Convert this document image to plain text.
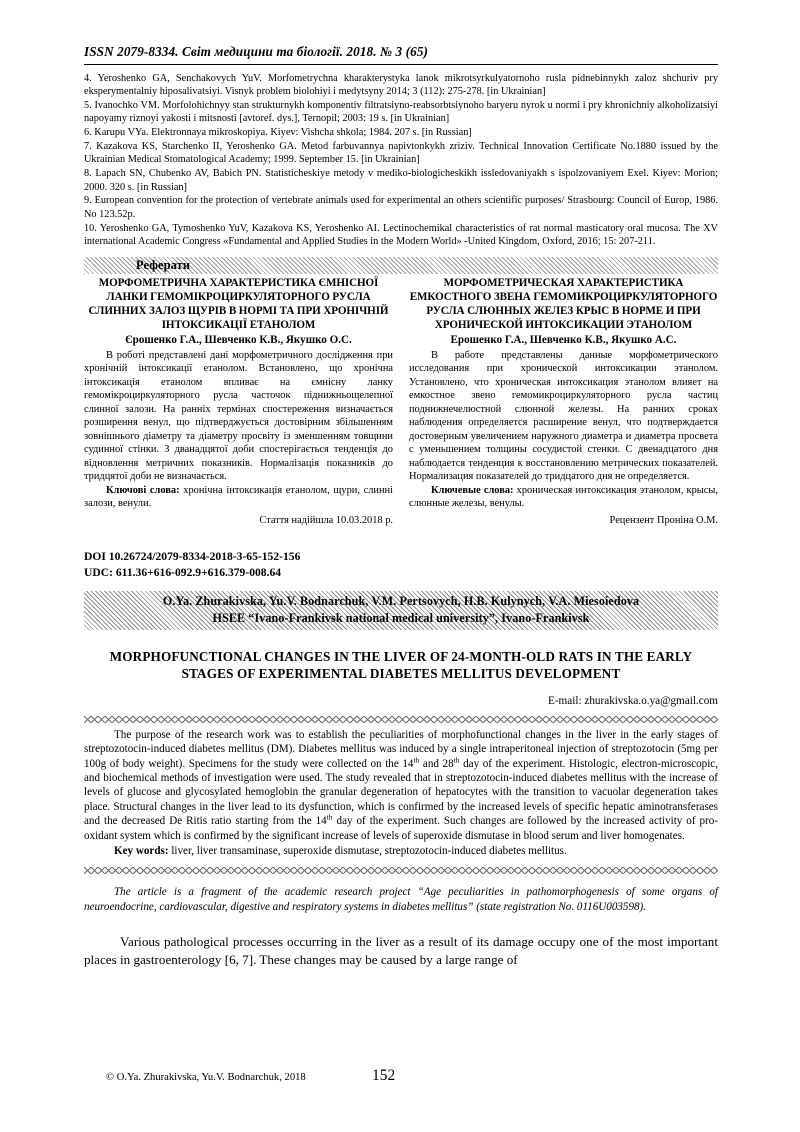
ISSN 2079-8334. Світ медицини та біології. 2018. № 3 (65)

4. Yeroshenko GA, Senchakovych YuV. Morfometrychna kharakterystyka lanok mikrotsyrkulyatornoho rusla pidnebinnykh zaloz shchuriv pry eksperymentalniy hiposalivatsiyi. Visnyk problem biolohiyi i medytsyny 2014; 3 (112): 275-278. [in Ukrainian]

5. Ivanochko VM. Morfolohichnyy stan strukturnykh komponentiv filtratsiyno-reabsorbtsiynoho baryeru nyrok u normi i pry khronichniy alkoholizatsiyi napoyamy riznoyi yakosti i mitsnosti [avtoref. dys.], Ternopil; 2003: 19 s. [in Ukrainian]

6. Karupu VYa. Elektronnaya mikroskopiya. Kiyev: Vishcha shkola; 1984. 207 s. [in Russian]

7. Kazakova KS, Starchenko II, Yeroshenko GA. Metod farbuvannya napivtonkykh zriziv. Technical Innovation Certificate No.1880 issued by the Ukrainian Medical Stomatological Academy; 1999. September 15. [in Ukrainian]

8. Lapach SN, Chubenko AV, Babich PN. Statisticheskiye metody v mediko-biologicheskikh issledovaniyakh s ispolzovaniyem Exel. Kiyev: Morion; 2000. 320 s. [in Russian]

9. European convention for the protection of vertebrate animals used for experimental an others scientific purposes/ Strasbourg: Council of Europ, 1986. No 123.52p.

10. Yeroshenko GA, Tymoshenko YuV, Kazakova KS, Yeroshenko AI. Lectinochemikal characteristics of rat normal masticatory oral mucosa. The XV international Academic Congress «Fundamental and Applied Studies in the Modern World» -United Kingdom, Oxford, 2016; 15: 207-211.

Реферати
МОРФОМЕТРИЧНА ХАРАКТЕРИСТИКА ЄМНІСНОЇ ЛАНКИ ГЕМОМІКРОЦИРКУЛЯТОРНОГО РУСЛА СЛИННИХ ЗАЛОЗ ЩУРІВ В НОРМІ ТА ПРИ ХРОНІЧНІЙ ІНТОКСИКАЦІЇ ЕТАНОЛОМ
Єрошенко Г.А., Шевченко К.В., Якушко О.С.
В роботі представлені дані морфометричного дослідження при хронічній інтоксикації етанолом. Встановлено, що хронічна інтоксикація етанолом впливає на ємнісну ланку гемомікроциркуляторного русла часточок піднижньощелепної слинної залози. На ранніх термінах спостереження визначається розширення венул, що підтверджується достовірним збільшенням зовнішнього діаметру та діаметру просвіту із зменшенням товщини судинної стінки. З дванадцятої доби спостерігається тенденція до відновлення метричних показників. Нормалізація показників до тридцятої доби не визначається.
Ключові слова: хронічна інтоксикація етанолом, щури, слинні залози, венули.
Стаття надійшла 10.03.2018 р.
МОРФОМЕТРИЧЕСКАЯ ХАРАКТЕРИСТИКА ЕМКОСТНОГО ЗВЕНА ГЕМОМИКРОЦИРКУЛЯТОРНОГО РУСЛА СЛЮННЫХ ЖЕЛЕЗ КРЫС В НОРМЕ И ПРИ ХРОНИЧЕСКОЙ ИНТОКСИКАЦИИ ЭТАНОЛОМ
Ерошенко Г.А., Шевченко К.В., Якушко А.С.
В работе представлены данные морфометрического исследования при хронической интоксикации этанолом. Установлено, что хроническая интоксикация этанолом влияет на емкостное звено гемомикроциркуляторного русла частиц поднижнечелюстной слюнной железы. На ранних сроках наблюдения определяется расширение венул, что подтверждается достоверным увеличением наружного диаметра и диаметра просвета с уменьшением толщины сосудистой стенки. С двенадцатого дня наблюдается тенденция к восстановлению метрических показателей. Нормализация показателей до тридцатого дня не определяется.
Ключевые слова: хроническая интоксикация этанолом, крысы, слюнные железы, венулы.
Рецензент Проніна О.М.
DOI 10.26724/2079-8334-2018-3-65-152-156
UDC: 611.36+616-092.9+616.379-008.64
O.Ya. Zhurakivska, Yu.V. Bodnarchuk, V.M. Pertsovych, H.B. Kulynych, V.A. Miesoiedova
HSEE “Ivano-Frankivsk national medical university”, Ivano-Frankivsk
MORPHOFUNCTIONAL CHANGES IN THE LIVER OF 24-MONTH-OLD RATS IN THE EARLY STAGES OF EXPERIMENTAL DIABETES MELLITUS DEVELOPMENT
E-mail: zhurakivska.o.ya@gmail.com

The purpose of the research work was to establish the peculiarities of morphofunctional changes in the liver in the early stages of streptozotocin-induced diabetes mellitus (DM). Diabetes mellitus was induced by a single intraperitoneal injection of streptozotocin (5mg per 100g of body weight). Specimens for the study were collected on the 14th and 28th day of the experiment. Histologic, electron-microscopic, and biochemical methods of investigation were used. The study revealed that in streptozotocin-induced diabetes mellitus with the increase of levels of glucose and glycosylated hemoglobin the granular degeneration of hepatocytes with the transition to vacuolar degeneration takes place. Structural changes in the liver lead to its dysfunction, which is confirmed by the increased levels of specific hepatic aminotransferases and the decreased De Ritis ratio starting from the 14th day of the experiment. Such changes are followed by the increased activity of pro-oxidant system which is confirmed by the significant increase of levels of superoxide dismutase in blood serum and liver homogenates.

Key words: liver, liver transaminase, superoxide dismutase, streptozotocin-induced diabetes mellitus.
The article is a fragment of the academic research project “Age peculiarities in pathomorphogenesis of some organs of neuroendocrine, cardiovascular, digestive and respiratory systems in diabetes mellitus” (state registration No. 0116U003598).
Various pathological processes occurring in the liver as a result of its damage occupy one of the most important places in gastroenterology [6, 7]. These changes may be caused by a large range of
© O.Ya. Zhurakivska, Yu.V. Bodnarchuk, 2018	152
